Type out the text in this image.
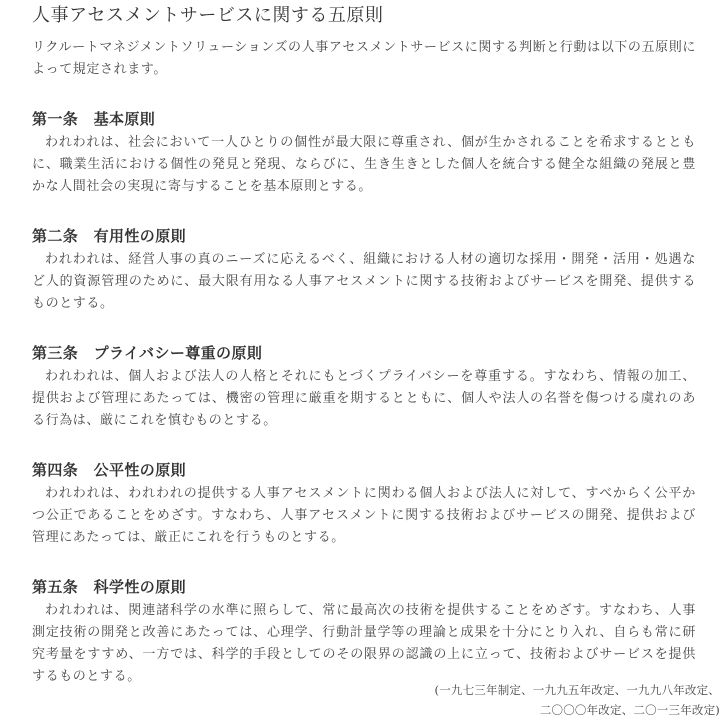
人事アセスメントサービスに関する五原則

リクルートマネジメントソリューションズの人事アセスメントサービスに関する判断と行動は以下の五原則によって規定されます。

第一条　基本原則

われわれは、社会において一人ひとりの個性が最大限に尊重され、個が生かされることを希求するとともに、職業生活における個性の発見と発現、ならびに、生き生きとした個人を統合する健全な組織の発展と豊かな人間社会の実現に寄与することを基本原則とする。

第二条　有用性の原則

われわれは、経営人事の真のニーズに応えるべく、組織における人材の適切な採用・開発・活用・処遇など人的資源管理のために、最大限有用なる人事アセスメントに関する技術およびサービスを開発、提供するものとする。

第三条　プライバシー尊重の原則

われわれは、個人および法人の人格とそれにもとづくプライバシーを尊重する。すなわち、情報の加工、提供および管理にあたっては、機密の管理に厳重を期するとともに、個人や法人の名誉を傷つける虞れのある行為は、厳にこれを慎むものとする。

第四条　公平性の原則

われわれは、われわれの提供する人事アセスメントに関わる個人および法人に対して、すべからく公平かつ公正であることをめざす。すなわち、人事アセスメントに関する技術およびサービスの開発、提供および管理にあたっては、厳正にこれを行うものとする。

第五条　科学性の原則

われわれは、関連諸科学の水準に照らして、常に最高次の技術を提供することをめざす。すなわち、人事測定技術の開発と改善にあたっては、心理学、行動計量学等の理論と成果を十分にとり入れ、自らも常に研究考量をすすめ、一方では、科学的手段としてのその限界の認識の上に立って、技術およびサービスを提供するものとする。

(一九七三年制定、一九九五年改定、一九九八年改定、
二〇〇〇年改定、二〇一三年改定)
